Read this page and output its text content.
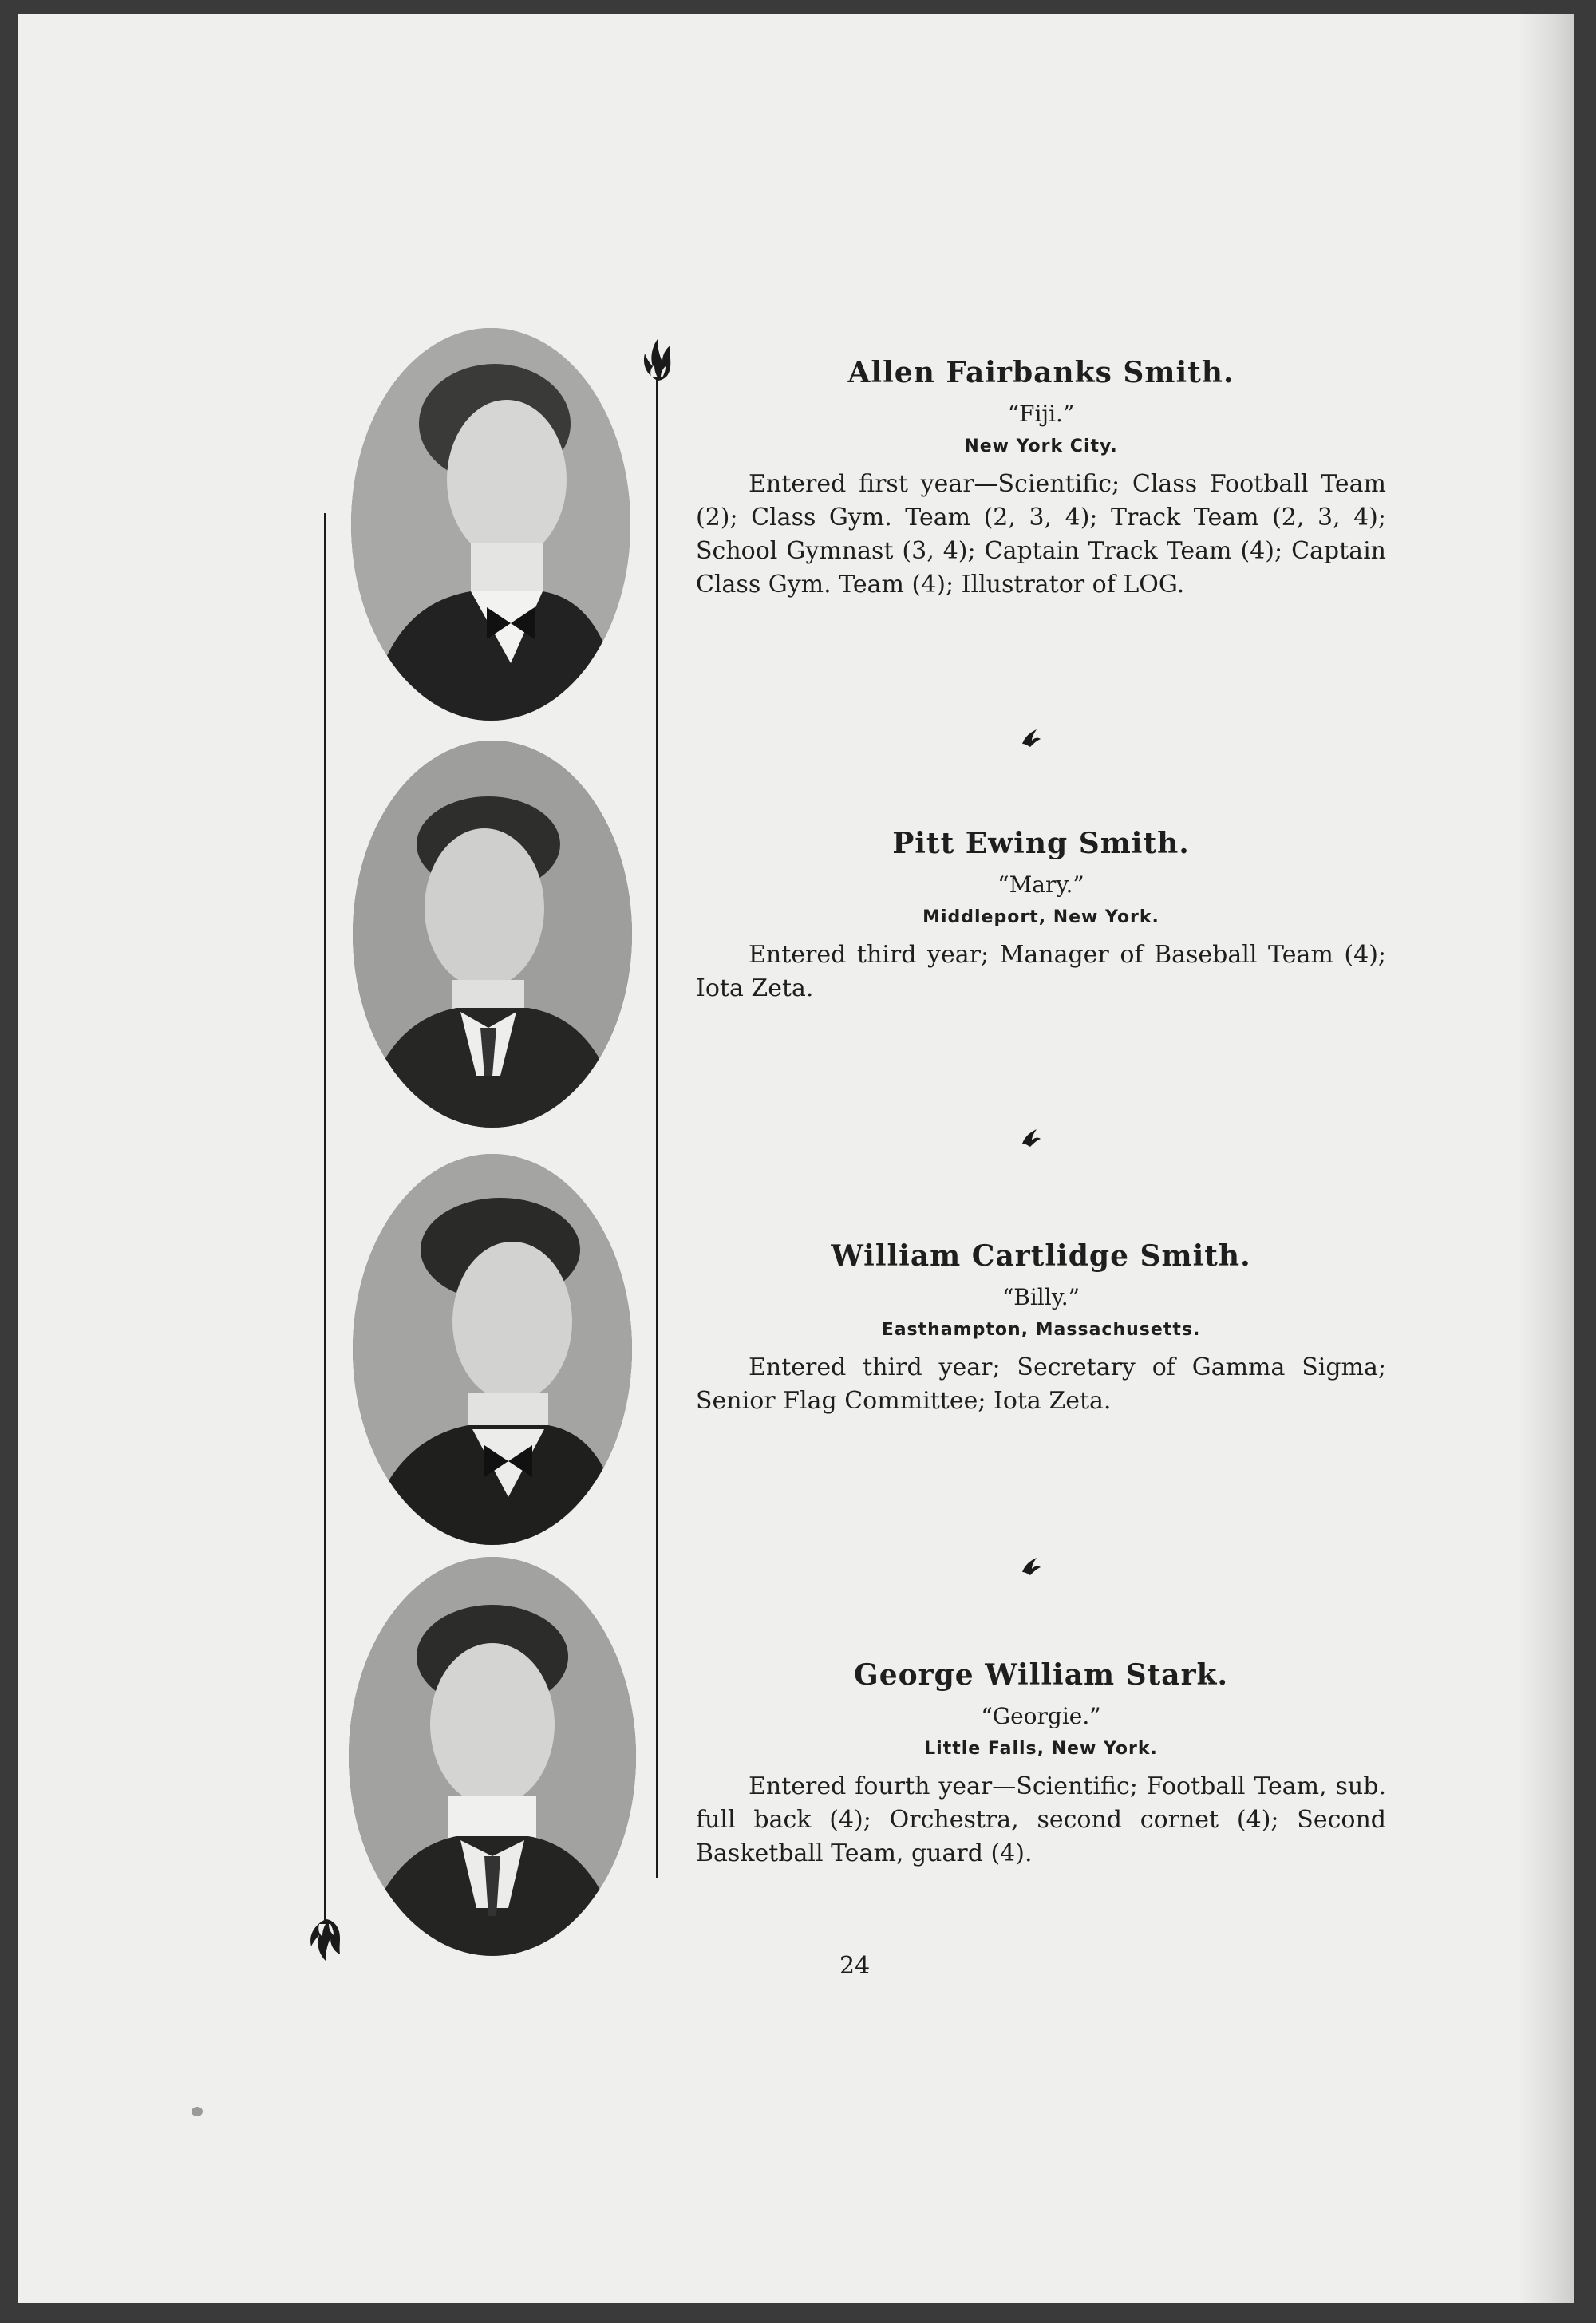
Allen Fairbanks Smith.

“Fiji.”

New York City.

Entered first year—Scientific; Class Football Team (2); Class Gym. Team (2, 3, 4); Track Team (2, 3, 4); School Gymnast (3, 4); Captain Track Team (4); Captain Class Gym. Team (4); Illustrator of LOG.

Pitt Ewing Smith.

“Mary.”

Middleport, New York.

Entered third year; Manager of Baseball Team (4); Iota Zeta.

William Cartlidge Smith.

“Billy.”

Easthampton, Massachusetts.

Entered third year; Secretary of Gamma Sigma; Senior Flag Committee; Iota Zeta.

George William Stark.

“Georgie.”

Little Falls, New York.

Entered fourth year—Scientific; Football Team, sub. full back (4); Orchestra, second cornet (4); Second Basketball Team, guard (4).

24
